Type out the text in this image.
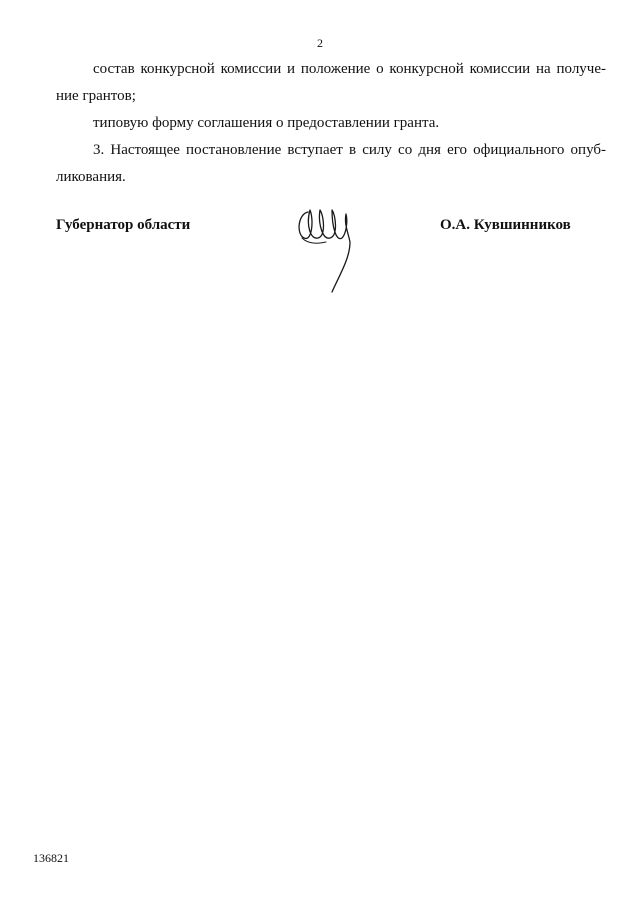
2
состав конкурсной комиссии и положение о конкурсной комиссии на получе-
ние грантов;
типовую форму соглашения о предоставлении гранта.
3. Настоящее постановление вступает в силу со дня его официального опуб-
ликования.
Губернатор области	О.А. Кувшинников
136821
